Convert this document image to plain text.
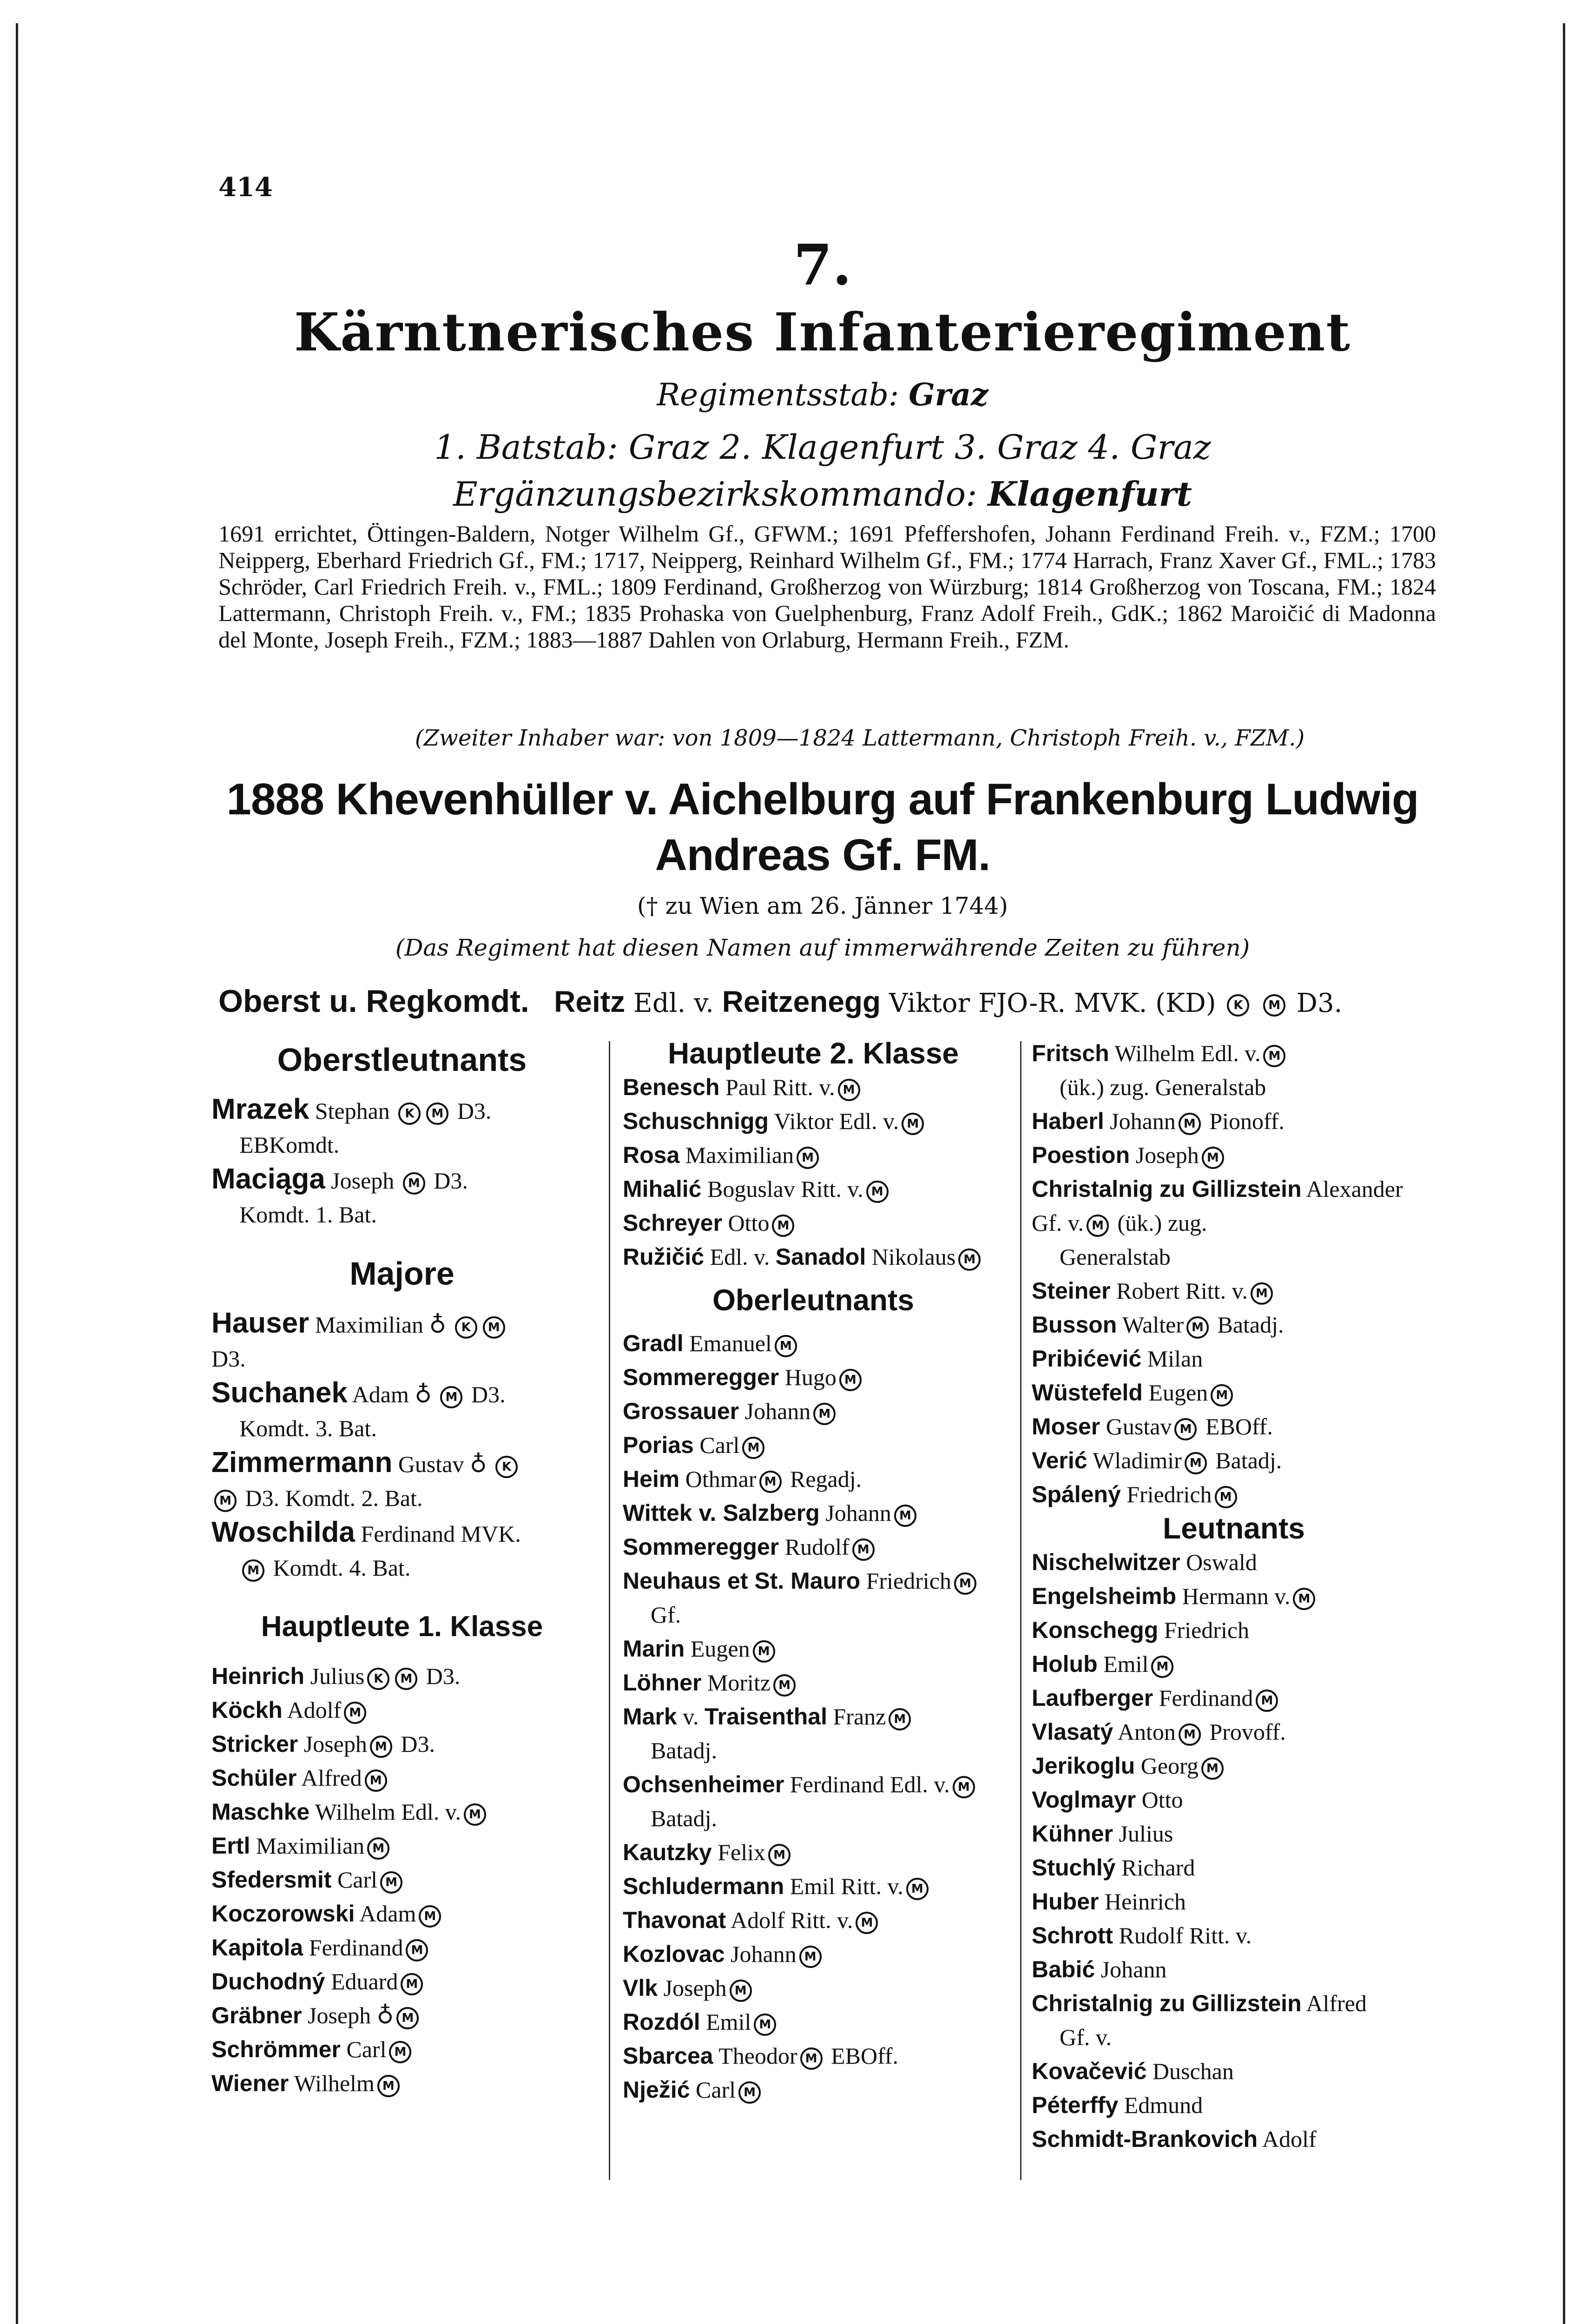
414
7.
Kärntnerisches Infanterieregiment
Regimentsstab: Graz
1. Batstab: Graz 2. Klagenfurt 3. Graz 4. Graz
Ergänzungsbezirkskommando: Klagenfurt

1691 errichtet, Öttingen-Baldern, Notger Wilhelm Gf., GFWM.; 1691 Pfeffershofen, Johann Ferdinand Freih. v., FZM.; 1700 Neipperg, Eberhard Friedrich Gf., FM.; 1717, Neipperg, Reinhard Wilhelm Gf., FM.; 1774 Harrach, Franz Xaver Gf., FML.; 1783 Schröder, Carl Friedrich Freih. v., FML.; 1809 Ferdinand, Großherzog von Würzburg; 1814 Großherzog von Toscana, FM.; 1824 Lattermann, Christoph Freih. v., FM.; 1835 Prohaska von Guelphenburg, Franz Adolf Freih., GdK.; 1862 Maroičić di Madonna del Monte, Joseph Freih., FZM.; 1883—1887 Dahlen von Orlaburg, Hermann Freih., FZM.

(Zweiter Inhaber war: von 1809—1824 Lattermann, Christoph Freih. v., FZM.)
1888 Khevenhüller v. Aichelburg auf Frankenburg Ludwig Andreas Gf. FM.
(† zu Wien am 26. Jänner 1744)
(Das Regiment hat diesen Namen auf immerwährende Zeiten zu führen)
Oberst u. Regkomdt. Reitz Edl. v. Reitzenegg Viktor FJO-R. MVK. (KD) K M D3.

Oberstleutnants

Mrazek Stephan K M D3.

EBKomdt.

Maciąga Joseph M D3.

Komdt. 1. Bat.

Majore

Hauser Maximilian ♁ K M

D3.

Suchanek Adam ♁ M D3.

Komdt. 3. Bat.

Zimmermann Gustav ♁ K

M D3. Komdt. 2. Bat.

Woschilda Ferdinand MVK.

M Komdt. 4. Bat.

Hauptleute 1. Klasse

Heinrich Julius K M D3.

Köckh Adolf M

Stricker Joseph M D3.

Schüler Alfred M

Maschke Wilhelm Edl. v. M

Ertl Maximilian M

Sfedersmit Carl M

Koczorowski Adam M

Kapitola Ferdinand M

Duchodný Eduard M

Gräbner Joseph ♁ M

Schrömmer Carl M

Wiener Wilhelm M

Hauptleute 2. Klasse

Benesch Paul Ritt. v. M

Schuschnigg Viktor Edl. v. M

Rosa Maximilian M

Mihalić Boguslav Ritt. v. M

Schreyer Otto M

Ružičić Edl. v. Sanadol Nikolaus M

Oberleutnants

Gradl Emanuel M

Sommeregger Hugo M

Grossauer Johann M

Porias Carl M

Heim Othmar M Regadj.

Wittek v. Salzberg Johann M

Sommeregger Rudolf M

Neuhaus et St. Mauro Friedrich M

Gf.

Marin Eugen M

Löhner Moritz M

Mark v. Traisenthal Franz M

Batadj.

Ochsenheimer Ferdinand Edl. v. M

Batadj.

Kautzky Felix M

Schludermann Emil Ritt. v. M

Thavonat Adolf Ritt. v. M

Kozlovac Johann M

Vlk Joseph M

Rozdól Emil M

Sbarcea Theodor M EBOff.

Nježić Carl M

Fritsch Wilhelm Edl. v. M

(ük.) zug. Generalstab

Haberl Johann M Pionoff.

Poestion Joseph M

Christalnig zu Gillizstein Alexander Gf. v. M (ük.) zug.

Generalstab

Steiner Robert Ritt. v. M

Busson Walter M Batadj.

Pribićević Milan

Wüstefeld Eugen M

Moser Gustav M EBOff.

Verić Wladimir M Batadj.

Spálený Friedrich M

Leutnants

Nischelwitzer Oswald

Engelsheimb Hermann v. M

Konschegg Friedrich

Holub Emil M

Laufberger Ferdinand M

Vlasatý Anton M Provoff.

Jerikoglu Georg M

Voglmayr Otto

Kühner Julius

Stuchlý Richard

Huber Heinrich

Schrott Rudolf Ritt. v.

Babić Johann

Christalnig zu Gillizstein Alfred

Gf. v.

Kovačević Duschan

Péterffy Edmund

Schmidt-Brankovich Adolf
